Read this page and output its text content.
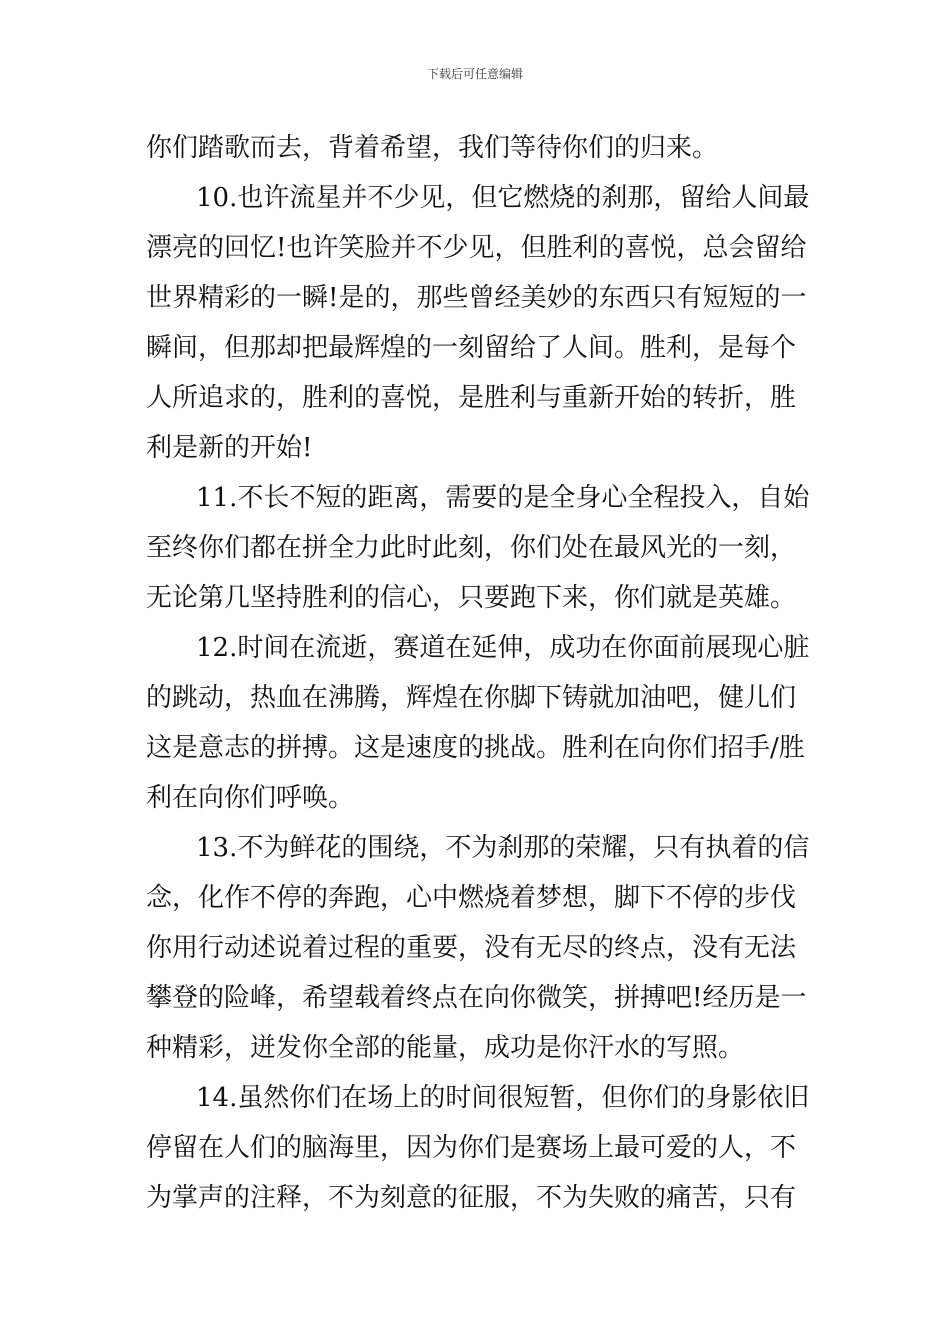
下载后可任意编辑
你们踏歌而去，背着希望，我们等待你们的归来。
10.也许流星并不少见，但它燃烧的刹那，留给人间最
漂亮的回忆!也许笑脸并不少见，但胜利的喜悦，总会留给
世界精彩的一瞬!是的，那些曾经美妙的东西只有短短的一
瞬间，但那却把最辉煌的一刻留给了人间。胜利，是每个
人所追求的，胜利的喜悦，是胜利与重新开始的转折，胜
利是新的开始!
11.不长不短的距离，需要的是全身心全程投入，自始
至终你们都在拼全力此时此刻，你们处在最风光的一刻，
无论第几坚持胜利的信心，只要跑下来，你们就是英雄。
12.时间在流逝，赛道在延伸，成功在你面前展现心脏
的跳动，热血在沸腾，辉煌在你脚下铸就加油吧，健儿们
这是意志的拼搏。这是速度的挑战。胜利在向你们招手/胜
利在向你们呼唤。
13.不为鲜花的围绕，不为刹那的荣耀，只有执着的信
念，化作不停的奔跑，心中燃烧着梦想，脚下不停的步伐
你用行动述说着过程的重要，没有无尽的终点，没有无法
攀登的险峰，希望载着终点在向你微笑，拼搏吧!经历是一
种精彩，迸发你全部的能量，成功是你汗水的写照。
14.虽然你们在场上的时间很短暂，但你们的身影依旧
停留在人们的脑海里，因为你们是赛场上最可爱的人，不
为掌声的注释，不为刻意的征服，不为失败的痛苦，只有
